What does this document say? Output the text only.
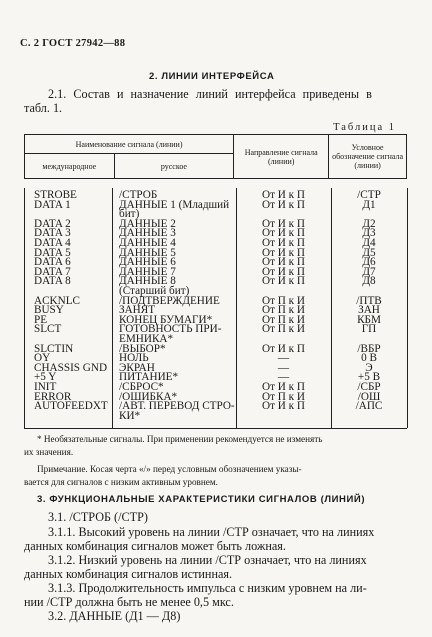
С. 2 ГОСТ 27942—88
2. ЛИНИИ ИНТЕРФЕЙСА
2.1. Состав и назначение линий интерфейса приведены в
табл. 1.
Таблица 1
Наименование сигнала (линии)		Направление сигнала (линии)	Условное обозначение сигнала (линии)
международное	русское		
STROBE	/СТРОБ	От И к П	/СТР
DATA 1	ДАННЫЕ 1 (Младший	От И к П	Д1
бит)
DATA 2	ДАННЫЕ 2	От И к П	Д2
DATA 3	ДАННЫЕ 3	От И к П	Д3
DATA 4	ДАННЫЕ 4	От И к П	Д4
DATA 5	ДАННЫЕ 5	От И к П	Д5
DATA 6	ДАННЫЕ 6	От И к П	Д6
DATA 7	ДАННЫЕ 7	От И к П	Д7
DATA 8	ДАННЫЕ 8	От И к П	Д8
(Старший бит)
ACKNLC	/ПОДТВЕРЖДЕНИЕ	От П к И	/ПТВ
BUSY	ЗАНЯТ	От П к И	ЗАН
PE	КОНЕЦ БУМАГИ*	От П к И	КБМ
SLCT	ГОТОВНОСТЬ ПРИ-	От П к И	ГП
ЕМНИКА*
SLCTIN	/ВЫБОР*	От И к П	/ВБР
OY	НОЛЬ	—	0 В
CHASSIS GND ЭКРАН	—	Э
+5 Y	ПИТАНИЕ*	—	+5 В
INIT	/СБРОС*	От И к П	/СБР
ERROR	/ОШИБКА*	От П к И	/ОШ
AUTOFEEDXT /АВТ. ПЕРЕВОД СТРО-	От И к П	/АПС
КИ*
* Необязательные сигналы. При применении рекомендуется не изменять
их значения.
Примечание. Косая черта «/» перед условным обозначением указы-
вается для сигналов с низким активным уровнем.
3. ФУНКЦИОНАЛЬНЫЕ ХАРАКТЕРИСТИКИ СИГНАЛОВ (ЛИНИЙ)
3.1. /СТРОБ (/СТР)
3.1.1. Высокий уровень на линии /СТР означает, что на линиях
данных комбинация сигналов может быть ложная.
3.1.2. Низкий уровень на линии /СТР означает, что на линиях
данных комбинация сигналов истинная.
3.1.3. Продолжительность импульса с низким уровнем на ли-
нии /СТР должна быть не менее 0,5 мкс.
3.2. ДАННЫЕ (Д1 — Д8)
